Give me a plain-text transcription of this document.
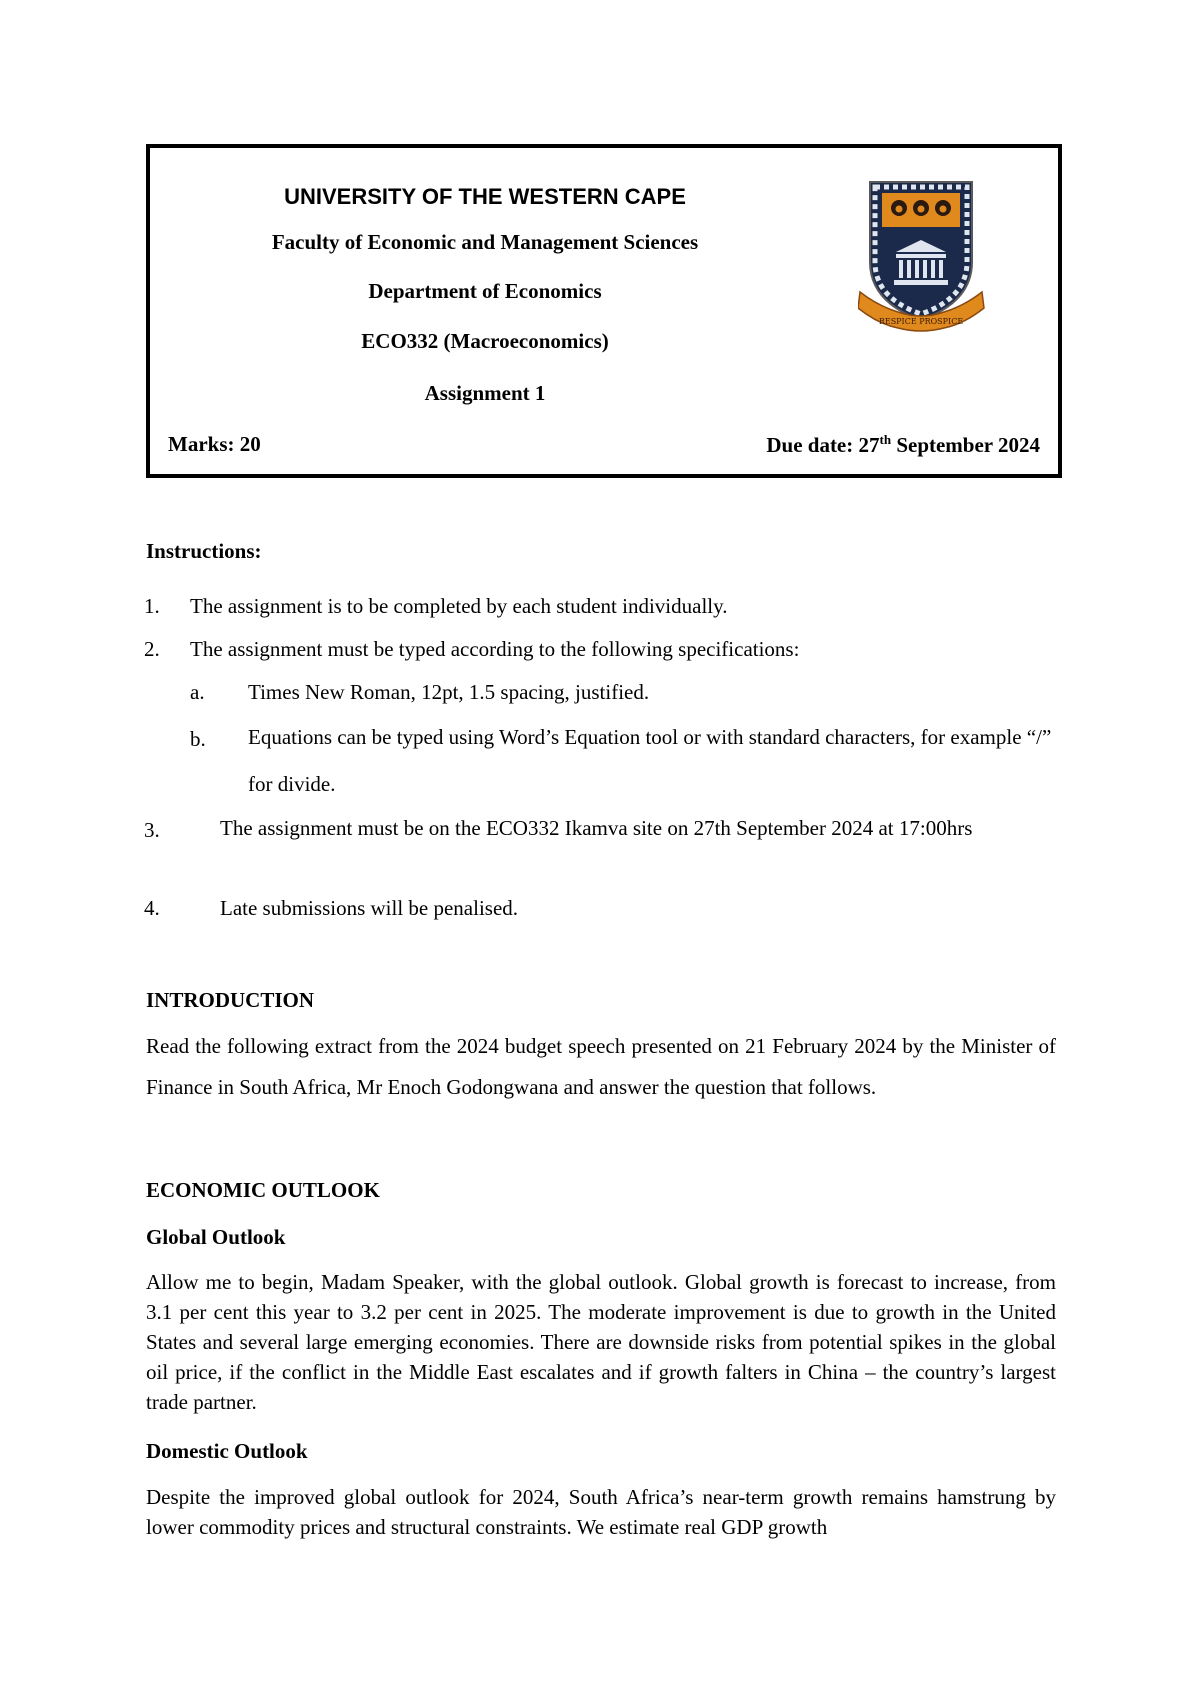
UNIVERSITY OF THE WESTERN CAPE
Faculty of Economic and Management Sciences
Department of Economics
ECO332 (Macroeconomics)
Assignment 1
Marks: 20	Due date: 27th September 2024
RESPICE PROSPICE
Instructions:
1. The assignment is to be completed by each student individually.
2. The assignment must be typed according to the following specifications:
a. Times New Roman, 12pt, 1.5 spacing, justified.
b. Equations can be typed using Word’s Equation tool or with standard characters, for example “/” for divide.
3.	The assignment must be on the ECO332 Ikamva site on 27th September 2024 at 17:00hrs
4.	Late submissions will be penalised.
INTRODUCTION
Read the following extract from the 2024 budget speech presented on 21 February 2024 by the Minister of Finance in South Africa, Mr Enoch Godongwana and answer the question that follows.
ECONOMIC OUTLOOK
Global Outlook
Allow me to begin, Madam Speaker, with the global outlook. Global growth is forecast to increase, from 3.1 per cent this year to 3.2 per cent in 2025. The moderate improvement is due to growth in the United States and several large emerging economies. There are downside risks from potential spikes in the global oil price, if the conflict in the Middle East escalates and if growth falters in China – the country’s largest trade partner.
Domestic Outlook
Despite the improved global outlook for 2024, South Africa’s near-term growth remains hamstrung by lower commodity prices and structural constraints. We estimate real GDP growth
